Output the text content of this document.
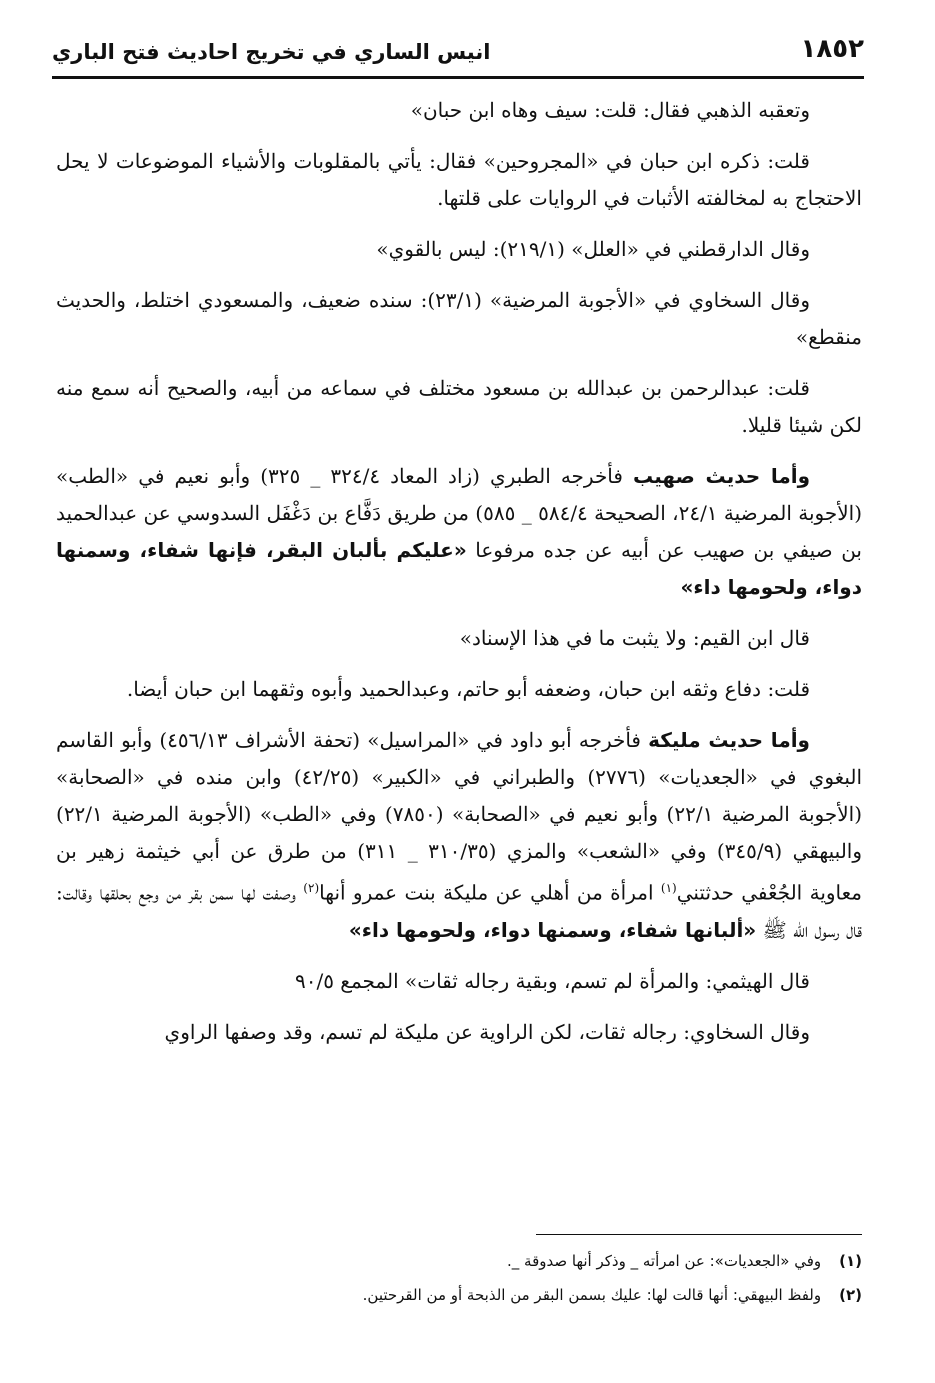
١٨٥٢
انيس الساري في تخريج احاديث فتح الباري

وتعقبه الذهبي فقال: قلت: سيف وهاه ابن حبان»

قلت: ذكره ابن حبان في «المجروحين» فقال: يأتي بالمقلوبات والأشياء الموضوعات لا يحل الاحتجاج به لمخالفته الأثبات في الروايات على قلتها.

وقال الدارقطني في «العلل» (٢١٩/١): ليس بالقوي»

وقال السخاوي في «الأجوبة المرضية» (٢٣/١): سنده ضعيف، والمسعودي اختلط، والحديث منقطع»

قلت: عبدالرحمن بن عبدالله بن مسعود مختلف في سماعه من أبيه، والصحيح أنه سمع منه لكن شيئا قليلا.

وأما حديث صهيب فأخرجه الطبري (زاد المعاد ٣٢٤/٤ _ ٣٢٥) وأبو نعيم في «الطب» (الأجوبة المرضية ٢٤/١، الصحيحة ٥٨٤/٤ _ ٥٨٥) من طريق دَفَّاع بن دَغْفَل السدوسي عن عبدالحميد بن صيفي بن صهيب عن أبيه عن جده مرفوعا «عليكم بألبان البقر، فإنها شفاء، وسمنها دواء، ولحومها داء»

قال ابن القيم: ولا يثبت ما في هذا الإسناد»

قلت: دفاع وثقه ابن حبان، وضعفه أبو حاتم، وعبدالحميد وأبوه وثقهما ابن حبان أيضا.

وأما حديث مليكة فأخرجه أبو داود في «المراسيل» (تحفة الأشراف ٤٥٦/١٣) وأبو القاسم البغوي في «الجعديات» (٢٧٧٦) والطبراني في «الكبير» (٤٢/٢٥) وابن منده في «الصحابة» (الأجوبة المرضية ٢٢/١) وأبو نعيم في «الصحابة» (٧٨٥٠) وفي «الطب» (الأجوبة المرضية ٢٢/١) والبيهقي (٣٤٥/٩) وفي «الشعب» والمزي (٣١٠/٣٥ _ ٣١١) من طرق عن أبي خيثمة زهير بن معاوية الجُعْفي حدثتني$^{(١)}$ امرأة من أهلي عن مليكة بنت عمرو أنها$^{(٢)}$ وصفت لها سمن بقر من وجع بحلقها وقالت: قال رسول الله ﷺ «ألبانها شفاء، وسمنها دواء، ولحومها داء»

قال الهيثمي: والمرأة لم تسم، وبقية رجاله ثقات» المجمع ٩٠/٥

وقال السخاوي: رجاله ثقات، لكن الراوية عن مليكة لم تسم، وقد وصفها الراوي

(١)
وفي «الجعديات»: عن امرأته _ وذكر أنها صدوقة _.
(٢)
ولفظ البيهقي: أنها قالت لها: عليك بسمن البقر من الذبحة أو من القرحتين.
